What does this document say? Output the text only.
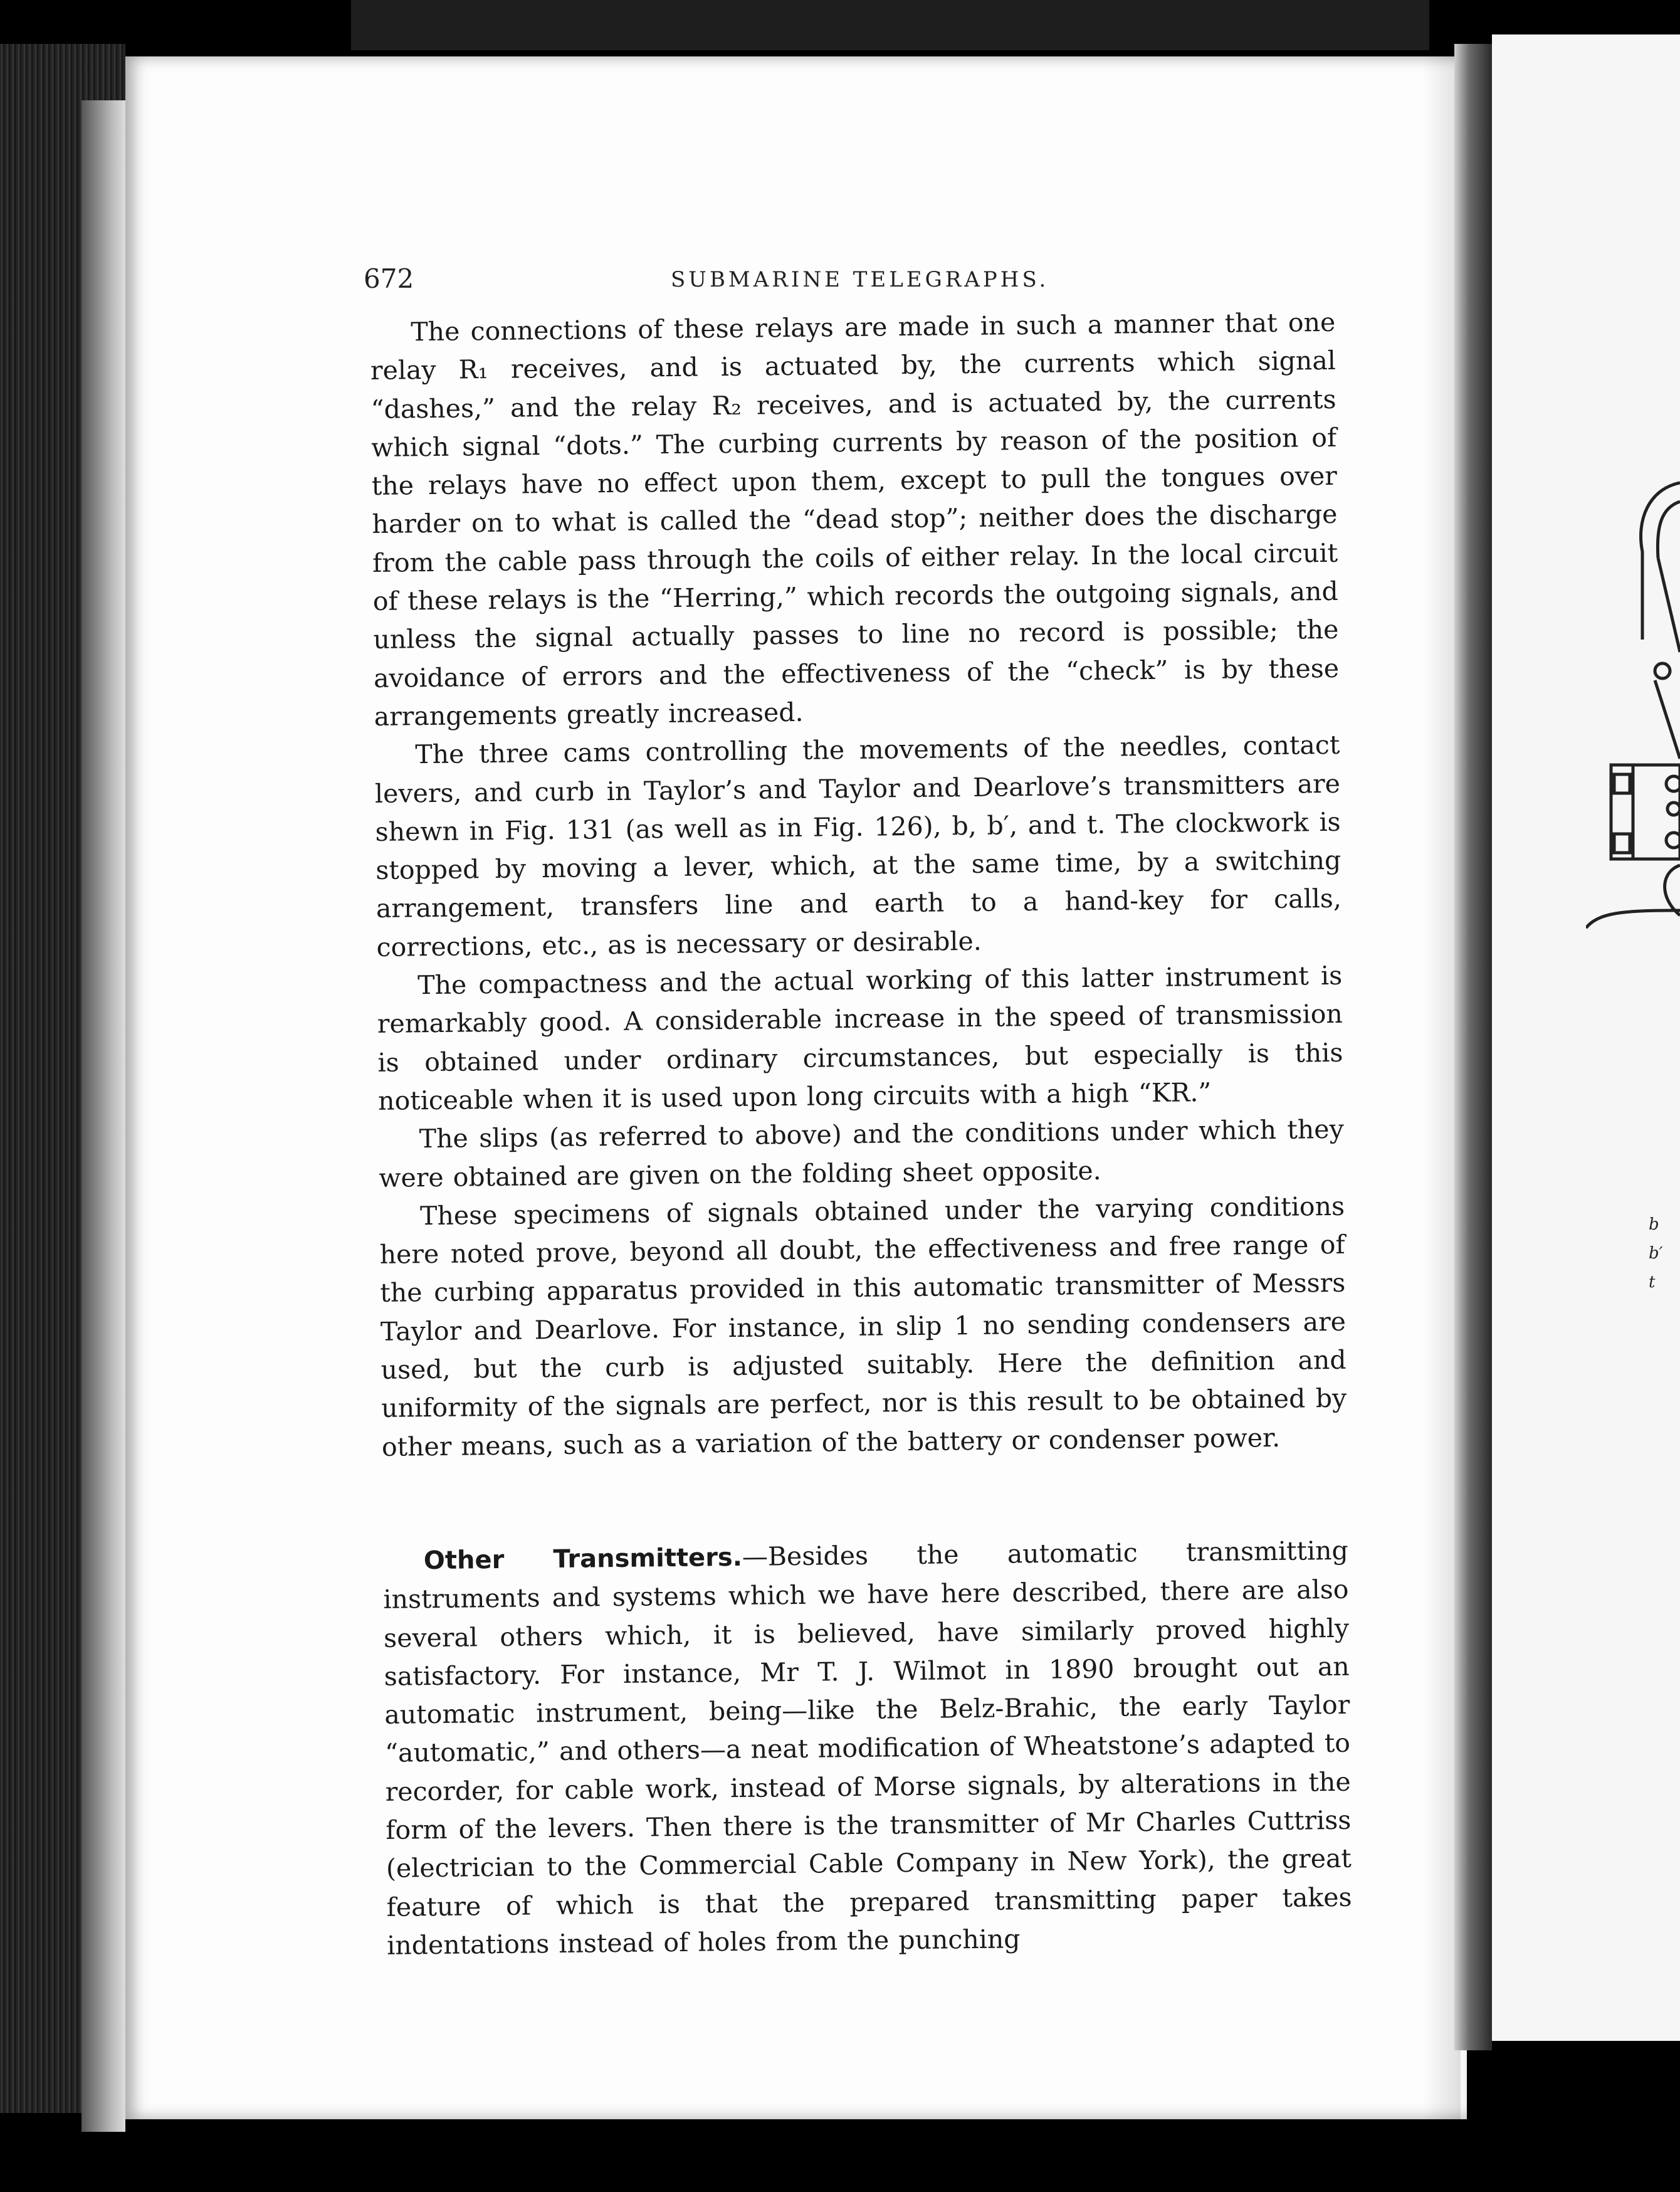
b
b′
t
672	SUBMARINE TELEGRAPHS.

The connections of these relays are made in such a manner that one relay R₁ receives, and is actuated by, the currents which signal “dashes,” and the relay R₂ receives, and is actuated by, the currents which signal “dots.” The curbing currents by reason of the position of the relays have no effect upon them, except to pull the tongues over harder on to what is called the “dead stop”; neither does the discharge from the cable pass through the coils of either relay. In the local circuit of these relays is the “Herring,” which records the outgoing signals, and unless the signal actually passes to line no record is possible; the avoidance of errors and the effectiveness of the “check” is by these arrangements greatly increased.

The three cams controlling the movements of the needles, contact levers, and curb in Taylor’s and Taylor and Dearlove’s transmitters are shewn in Fig. 131 (as well as in Fig. 126), b, b′, and t. The clockwork is stopped by moving a lever, which, at the same time, by a switching arrangement, transfers line and earth to a hand-key for calls, corrections, etc., as is necessary or desirable.

The compactness and the actual working of this latter instrument is remarkably good. A considerable increase in the speed of transmission is obtained under ordinary circumstances, but especially is this noticeable when it is used upon long circuits with a high “KR.”

The slips (as referred to above) and the conditions under which they were obtained are given on the folding sheet opposite.

These specimens of signals obtained under the varying conditions here noted prove, beyond all doubt, the effectiveness and free range of the curbing apparatus provided in this automatic transmitter of Messrs Taylor and Dearlove. For instance, in slip 1 no sending condensers are used, but the curb is adjusted suitably. Here the definition and uniformity of the signals are perfect, nor is this result to be obtained by other means, such as a variation of the battery or condenser power.

Other Transmitters.—Besides the automatic transmitting instruments and systems which we have here described, there are also several others which, it is believed, have similarly proved highly satisfactory. For instance, Mr T. J. Wilmot in 1890 brought out an automatic instrument, being—like the Belz-Brahic, the early Taylor “automatic,” and others—a neat modification of Wheatstone’s adapted to recorder, for cable work, instead of Morse signals, by alterations in the form of the levers. Then there is the transmitter of Mr Charles Cuttriss (electrician to the Commercial Cable Company in New York), the great feature of which is that the prepared transmitting paper takes indentations instead of holes from the punching
